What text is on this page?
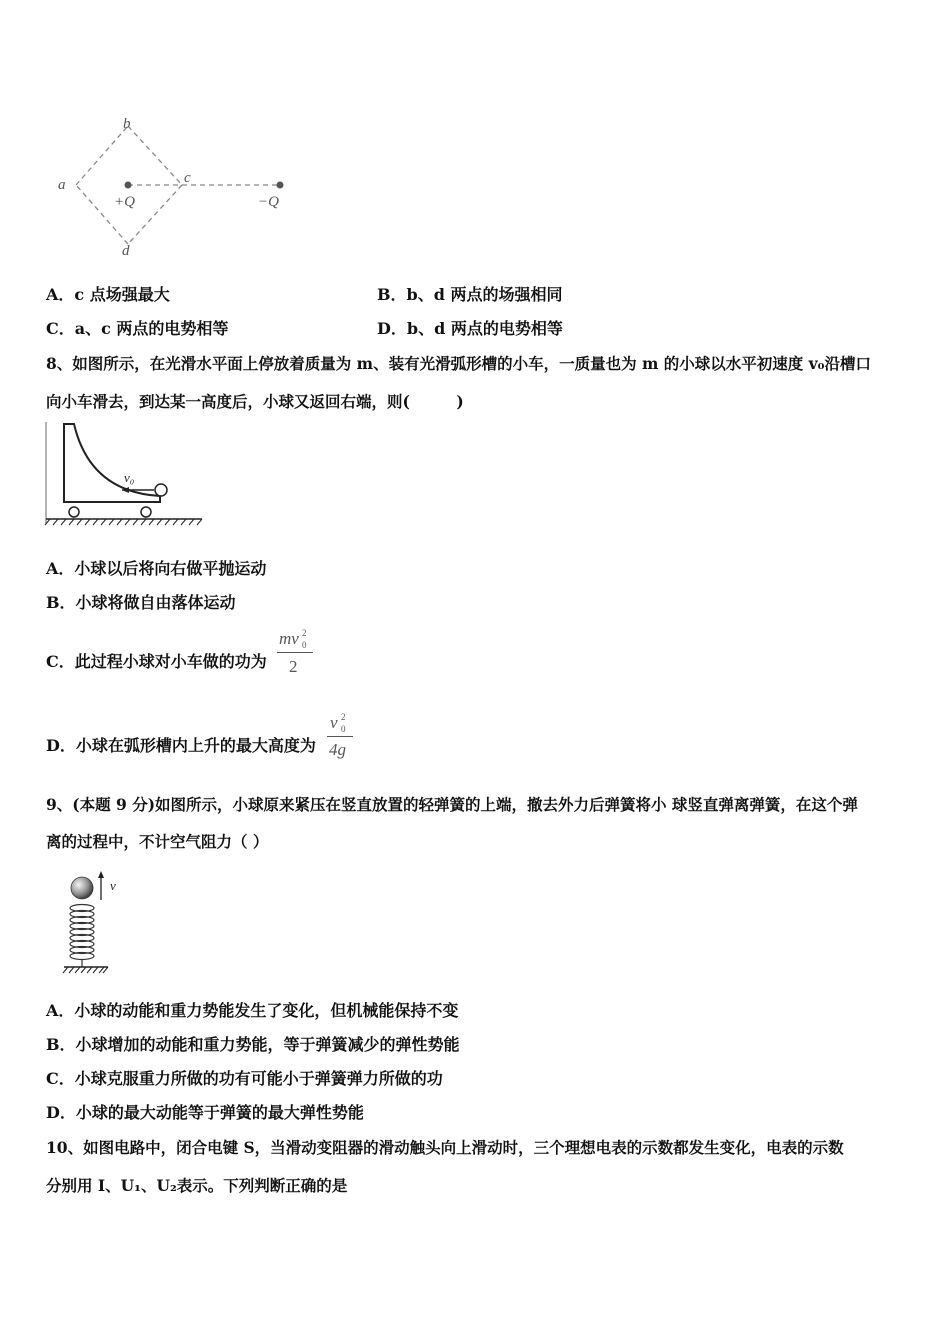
a
b
c
d
+Q	−Q
A．c 点场强最大	B．b、d 两点的场强相同
C．a、c 两点的电势相等	D．b、d 两点的电势相等
8、如图所示，在光滑水平面上停放着质量为 m、装有光滑弧形槽的小车，一质量也为 m 的小球以水平初速度 v₀沿槽口
向小车滑去，到达某一高度后，小球又返回右端，则(　　　)
v₀
A．小球以后将向右做平抛运动
B．小球将做自由落体运动
C．此过程小球对小车做的功为
mv 2
0
2
D．小球在弧形槽内上升的最大高度为
v 2
0
4g
9、(本题 9 分)如图所示，小球原来紧压在竖直放置的轻弹簧的上端，撤去外力后弹簧将小 球竖直弹离弹簧，在这个弹
离的过程中，不计空气阻力（ ）
v
A．小球的动能和重力势能发生了变化，但机械能保持不变
B．小球增加的动能和重力势能，等于弹簧减少的弹性势能
C．小球克服重力所做的功有可能小于弹簧弹力所做的功
D．小球的最大动能等于弹簧的最大弹性势能
10、如图电路中，闭合电键 S，当滑动变阻器的滑动触头向上滑动时，三个理想电表的示数都发生变化，电表的示数
分别用 I、U₁、U₂表示。下列判断正确的是
